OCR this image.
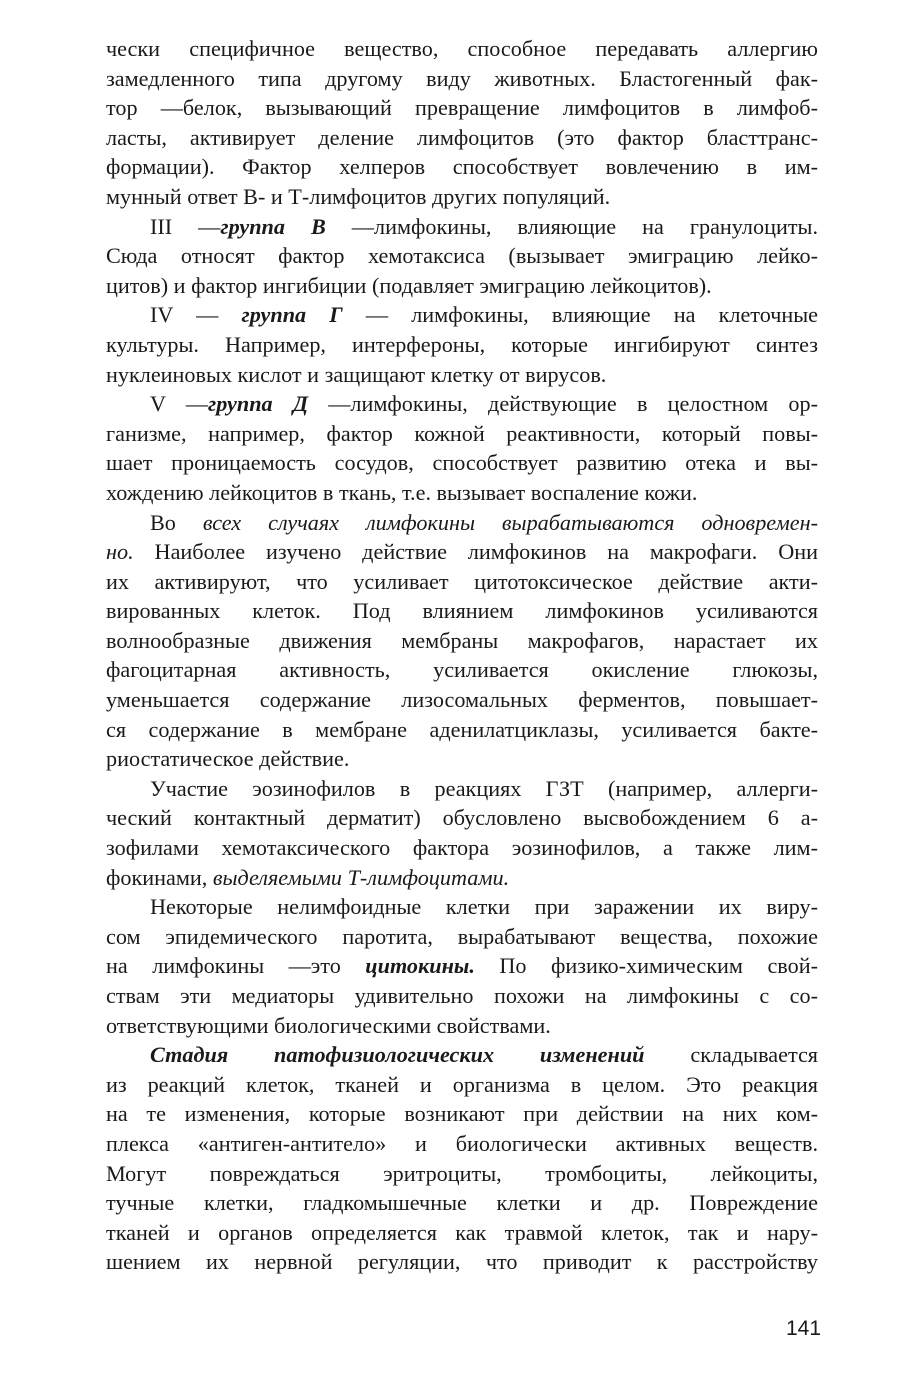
чески специфичное вещество, способное передавать аллергию
замедленного типа другому виду животных. Бластогенный фак-
тор —белок, вызывающий превращение лимфоцитов в лимфоб-
ласты, активирует деление лимфоцитов (это фактор бласттранс-
формации). Фактор хелперов способствует вовлечению в им-
мунный ответ В- и Т-лимфоцитов других популяций.
III —группа В —лимфокины, влияющие на гранулоциты.
Сюда относят фактор хемотаксиса (вызывает эмиграцию лейко-
цитов) и фактор ингибиции (подавляет эмиграцию лейкоцитов).
IV — группа Г — лимфокины, влияющие на клеточные
культуры. Например, интерфероны, которые ингибируют синтез
нуклеиновых кислот и защищают клетку от вирусов.
V —группа Д —лимфокины, действующие в целостном ор-
ганизме, например, фактор кожной реактивности, который повы-
шает проницаемость сосудов, способствует развитию отека и вы-
хождению лейкоцитов в ткань, т.е. вызывает воспаление кожи.
Во всех случаях лимфокины вырабатываются одновремен-
но. Наиболее изучено действие лимфокинов на макрофаги. Они
их активируют, что усиливает цитотоксическое действие акти-
вированных клеток. Под влиянием лимфокинов усиливаются
волнообразные движения мембраны макрофагов, нарастает их
фагоцитарная активность, усиливается окисление глюкозы,
уменьшается содержание лизосомальных ферментов, повышает-
ся содержание в мембране аденилатциклазы, усиливается бакте-
риостатическое действие.
Участие эозинофилов в реакциях ГЗТ (например, аллерги-
ческий контактный дерматит) обусловлено высвобождением 6 а-
зофилами хемотаксического фактора эозинофилов, а также лим-
фокинами, выделяемыми Т-лимфоцитами.
Некоторые нелимфоидные клетки при заражении их виру-
сом эпидемического паротита, вырабатывают вещества, похожие
на лимфокины —это цитокины. По физико-химическим свой-
ствам эти медиаторы удивительно похожи на лимфокины с со-
ответствующими биологическими свойствами.
Стадия патофизиологических изменений складывается
из реакций клеток, тканей и организма в целом. Это реакция
на те изменения, которые возникают при действии на них ком-
плекса «антиген-антитело» и биологически активных веществ.
Могут повреждаться эритроциты, тромбоциты, лейкоциты,
тучные клетки, гладкомышечные клетки и др. Повреждение
тканей и органов определяется как травмой клеток, так и нару-
шением их нервной регуляции, что приводит к расстройству
141
